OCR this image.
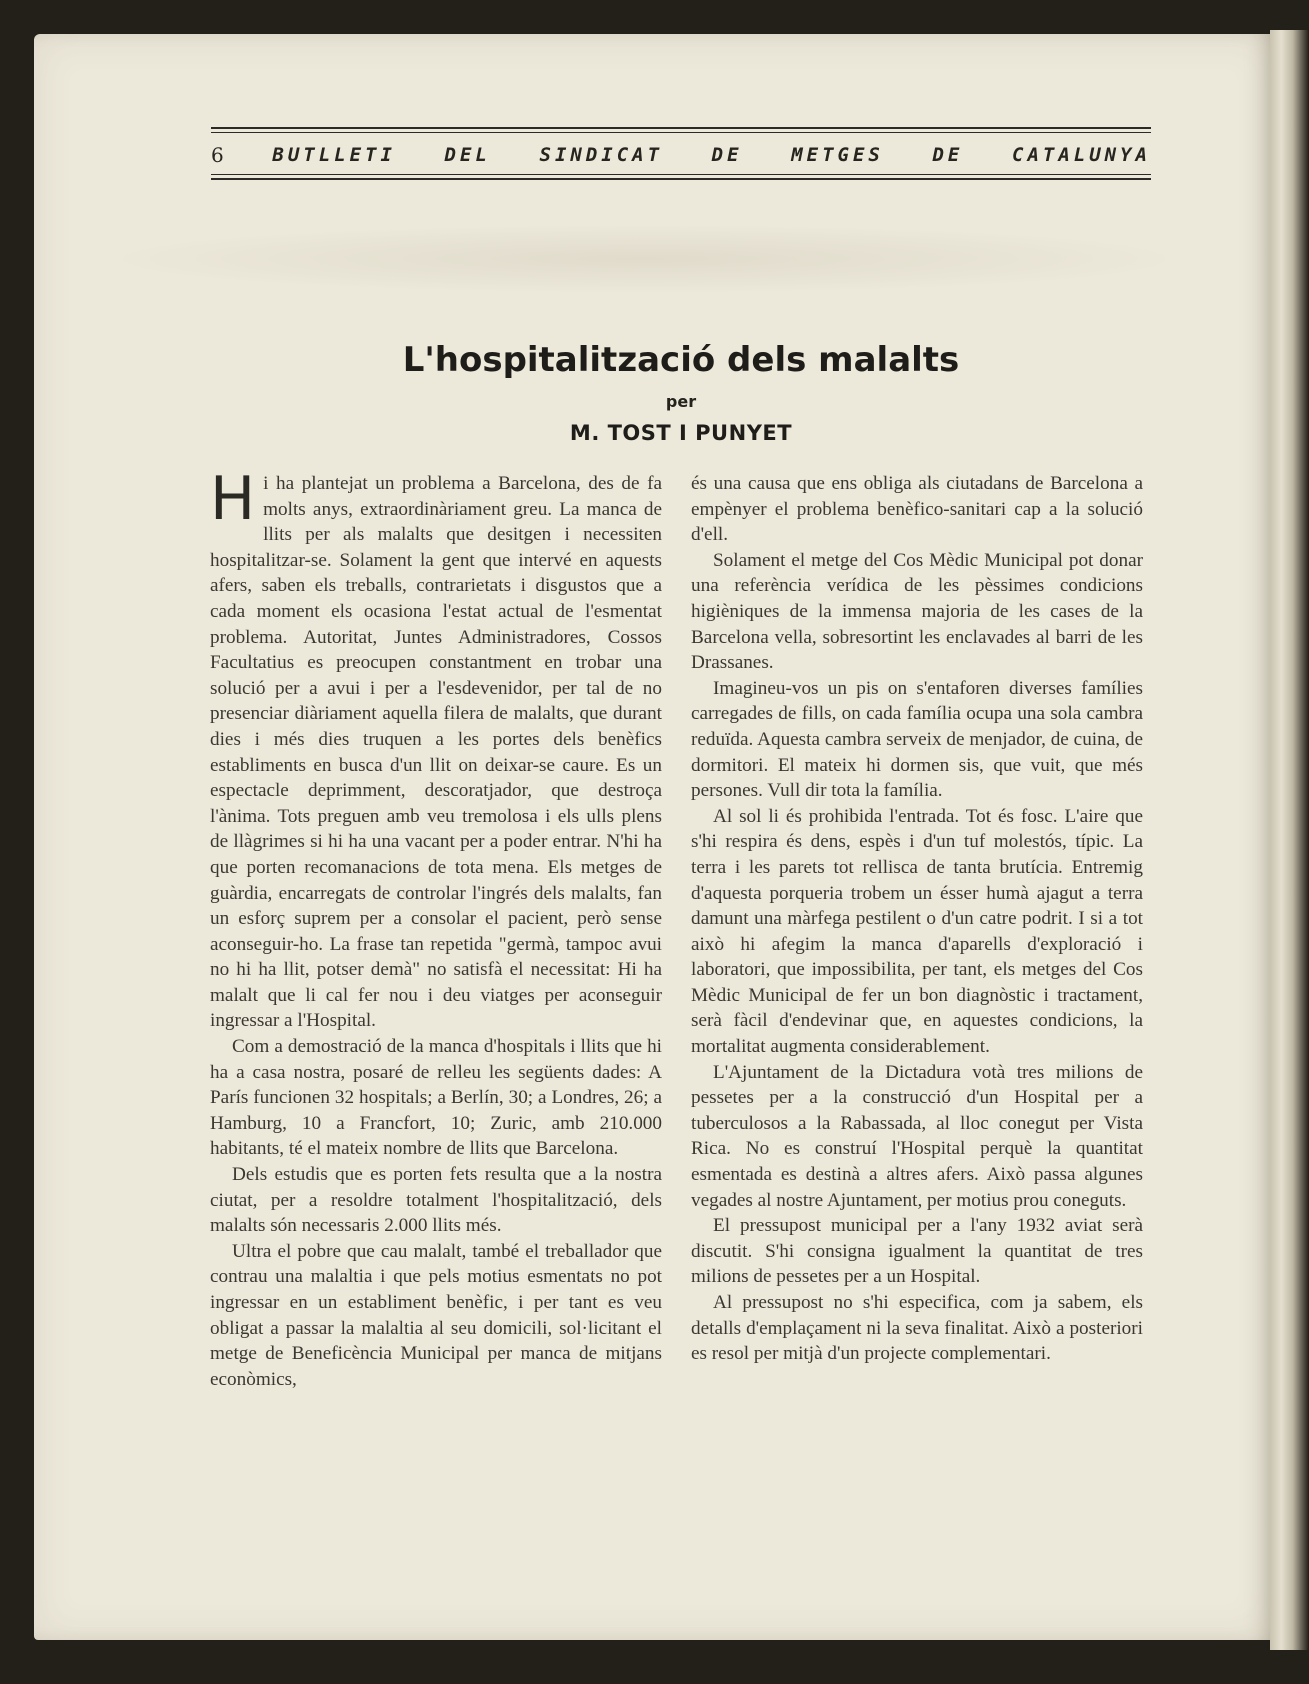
6	BUTLLETI	DEL	SINDICAT	DE	METGES	DE	CATALUNYA
L'hospitalització dels malalts
per
M. TOST I PUNYET

Hi ha plantejat un problema a Barcelona, des de fa molts anys, extraordinàriament greu. La manca de llits per als malalts que desitgen i necessiten hospitalitzar-se. Solament la gent que intervé en aquests afers, saben els treballs, contrarietats i disgustos que a cada moment els ocasiona l'estat actual de l'esmentat problema. Autoritat, Juntes Administradores, Cossos Facultatius es preocupen constantment en trobar una solució per a avui i per a l'esdevenidor, per tal de no presenciar diàriament aquella filera de malalts, que durant dies i més dies truquen a les portes dels benèfics establiments en busca d'un llit on deixar-se caure. Es un espectacle deprimment, descoratjador, que destroça l'ànima. Tots preguen amb veu tremolosa i els ulls plens de llàgrimes si hi ha una vacant per a poder entrar. N'hi ha que porten recomanacions de tota mena. Els metges de guàrdia, encarregats de controlar l'ingrés dels malalts, fan un esforç suprem per a consolar el pacient, però sense aconseguir-ho. La frase tan repetida "germà, tampoc avui no hi ha llit, potser demà" no satisfà el necessitat: Hi ha malalt que li cal fer nou i deu viatges per aconseguir ingressar a l'Hospital.

Com a demostració de la manca d'hospitals i llits que hi ha a casa nostra, posaré de relleu les següents dades: A París funcionen 32 hospitals; a Berlín, 30; a Londres, 26; a Hamburg, 10 a Francfort, 10; Zuric, amb 210.000 habitants, té el mateix nombre de llits que Barcelona.

Dels estudis que es porten fets resulta que a la nostra ciutat, per a resoldre totalment l'hospitalització, dels malalts són necessaris 2.000 llits més.

Ultra el pobre que cau malalt, també el treballador que contrau una malaltia i que pels motius esmentats no pot ingressar en un establiment benèfic, i per tant es veu obligat a passar la malaltia al seu domicili, sol·licitant el metge de Beneficència Municipal per manca de mitjans econòmics,

és una causa que ens obliga als ciutadans de Barcelona a empènyer el problema benèfico-sanitari cap a la solució d'ell.

Solament el metge del Cos Mèdic Municipal pot donar una referència verídica de les pèssimes condicions higièniques de la immensa majoria de les cases de la Barcelona vella, sobresortint les enclavades al barri de les Drassanes.

Imagineu-vos un pis on s'entaforen diverses famílies carregades de fills, on cada família ocupa una sola cambra reduïda. Aquesta cambra serveix de menjador, de cuina, de dormitori. El mateix hi dormen sis, que vuit, que més persones. Vull dir tota la família.

Al sol li és prohibida l'entrada. Tot és fosc. L'aire que s'hi respira és dens, espès i d'un tuf molestós, típic. La terra i les parets tot rellisca de tanta brutícia. Entremig d'aquesta porqueria trobem un ésser humà ajagut a terra damunt una màrfega pestilent o d'un catre podrit. I si a tot això hi afegim la manca d'aparells d'exploració i laboratori, que impossibilita, per tant, els metges del Cos Mèdic Municipal de fer un bon diagnòstic i tractament, serà fàcil d'endevinar que, en aquestes condicions, la mortalitat augmenta considerablement.

L'Ajuntament de la Dictadura votà tres milions de pessetes per a la construcció d'un Hospital per a tuberculosos a la Rabassada, al lloc conegut per Vista Rica. No es construí l'Hospital perquè la quantitat esmentada es destinà a altres afers. Això passa algunes vegades al nostre Ajuntament, per motius prou coneguts.

El pressupost municipal per a l'any 1932 aviat serà discutit. S'hi consigna igualment la quantitat de tres milions de pessetes per a un Hospital.

Al pressupost no s'hi especifica, com ja sabem, els detalls d'emplaçament ni la seva finalitat. Això a posteriori es resol per mitjà d'un projecte complementari.
